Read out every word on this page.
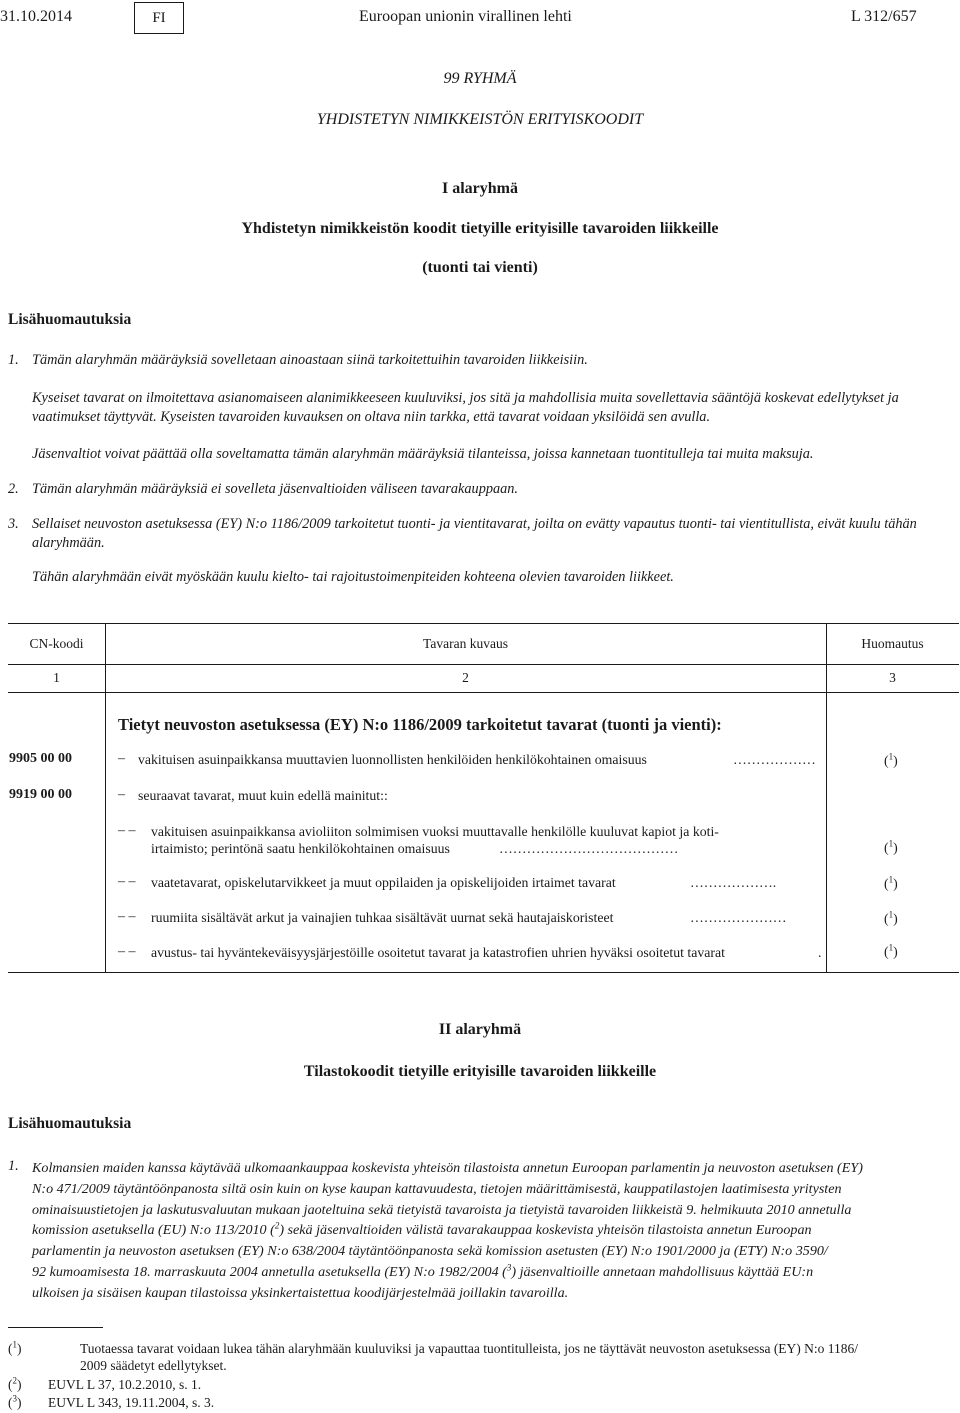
31.10.2014	FI	Euroopan unionin virallinen lehti	L 312/657
99 RYHMÄ
YHDISTETYN NIMIKKEISTÖN ERITYISKOODIT
I alaryhmä
Yhdistetyn nimikkeistön koodit tietyille erityisille tavaroiden liikkeille
(tuonti tai vienti)
Lisähuomautuksia
1. Tämän alaryhmän määräyksiä sovelletaan ainoastaan siinä tarkoitettuihin tavaroiden liikkeisiin.
Kyseiset tavarat on ilmoitettava asianomaiseen alanimikkeeseen kuuluviksi, jos sitä ja mahdollisia muita sovellettavia sääntöjä koskevat edellytykset ja vaatimukset täyttyvät. Kyseisten tavaroiden kuvauksen on oltava niin tarkka, että tavarat voidaan yksilöidä sen avulla.
Jäsenvaltiot voivat päättää olla soveltamatta tämän alaryhmän määräyksiä tilanteissa, joissa kannetaan tuontitulleja tai muita maksuja.
2. Tämän alaryhmän määräyksiä ei sovelleta jäsenvaltioiden väliseen tavarakauppaan.
3. Sellaiset neuvoston asetuksessa (EY) N:o 1186/2009 tarkoitetut tuonti- ja vientitavarat, joilta on evätty vapautus tuonti- tai vientitullista, eivät kuulu tähän alaryhmään.
Tähän alaryhmään eivät myöskään kuulu kielto- tai rajoitustoimenpiteiden kohteena olevien tavaroiden liikkeet.
CN-koodi	Tavaran kuvaus	Huomautus
1	2	3
Tietyt neuvoston asetuksessa (EY) N:o 1186/2009 tarkoitetut tavarat (tuonti ja vienti):
9905 00 00	– vakituisen asuinpaikkansa muuttavien luonnollisten henkilöiden henkilökohtainen omaisuus	………………	($^1$)
9919 00 00	– seuraavat tavarat, muut kuin edellä mainitut::
– – vakituisen asuinpaikkansa avioliiton solmimisen vuoksi muuttavalle henkilölle kuuluvat kapiot ja koti-
irtaimisto; perintönä saatu henkilökohtainen omaisuus	…………………………………	($^1$)
– – vaatetavarat, opiskelutarvikkeet ja muut oppilaiden ja opiskelijoiden irtaimet tavarat	……………….	($^1$)
– – ruumiita sisältävät arkut ja vainajien tuhkaa sisältävät uurnat sekä hautajaiskoristeet	…………………	($^1$)
– – avustus- tai hyväntekeväisyysjärjestöille osoitetut tavarat ja katastrofien uhrien hyväksi osoitetut tavarat	.	($^1$)
II alaryhmä
Tilastokoodit tietyille erityisille tavaroiden liikkeille
Lisähuomautuksia
1. Kolmansien maiden kanssa käytävää ulkomaankauppaa koskevista yhteisön tilastoista annetun Euroopan parlamentin ja neuvoston asetuksen (EY)
N:o 471/2009 täytäntöönpanosta siltä osin kuin on kyse kaupan kattavuudesta, tietojen määrittämisestä, kauppatilastojen laatimisesta yritysten
ominaisuustietojen ja laskutusvaluutan mukaan jaoteltuina sekä tietyistä tavaroista ja tietyistä tavaroiden liikkeistä 9. helmikuuta 2010 annetulla
komission asetuksella (EU) N:o 113/2010 ($^2$) sekä jäsenvaltioiden välistä tavarakauppaa koskevista yhteisön tilastoista annetun Euroopan
parlamentin ja neuvoston asetuksen (EY) N:o 638/2004 täytäntöönpanosta sekä komission asetusten (EY) N:o 1901/2000 ja (ETY) N:o 3590/
92 kumoamisesta 18. marraskuuta 2004 annetulla asetuksella (EY) N:o 1982/2004 ($^3$) jäsenvaltioille annetaan mahdollisuus käyttää EU:n
ulkoisen ja sisäisen kaupan tilastoissa yksinkertaistettua koodijärjestelmää joillakin tavaroilla.
($^1$)	Tuotaessa tavarat voidaan lukea tähän alaryhmään kuuluviksi ja vapauttaa tuontitulleista, jos ne täyttävät neuvoston asetuksessa (EY) N:o 1186/
2009 säädetyt edellytykset.
($^2$) EUVL L 37, 10.2.2010, s. 1.
($^3$) EUVL L 343, 19.11.2004, s. 3.
